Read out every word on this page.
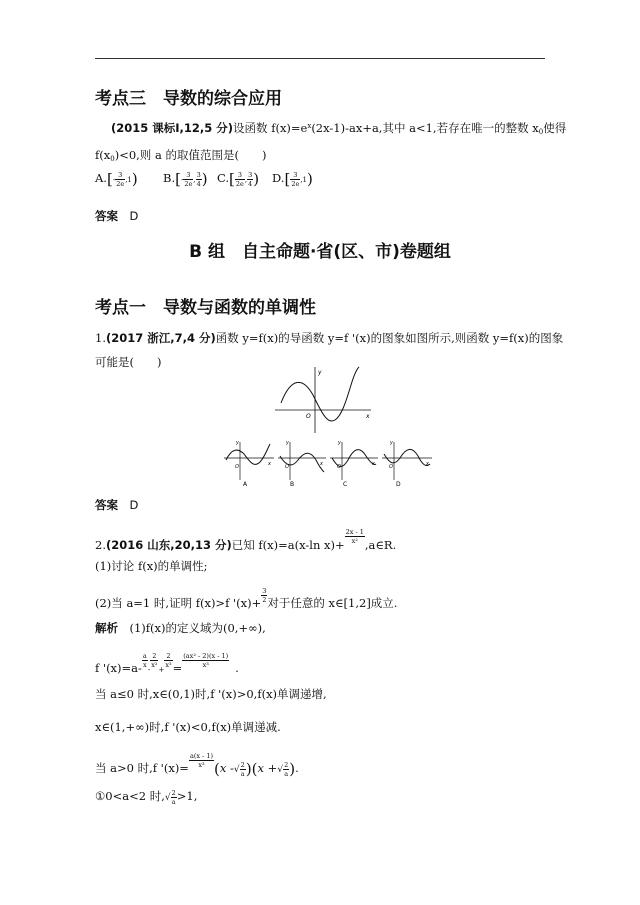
考点三　导数的综合应用
(2015 课标Ⅰ,12,5 分)设函数 $f(x)=e^x(2x-1)-ax+a$,其中 a<1,若存在唯一的整数 $x_0$使得
$f(x_0)<0$,则 a 的取值范围是(　　)
$A.[- \frac{3}{2e} ,1)$ $B.[- \frac{3}{2e}$ , $\frac{3}{4}$ ) $C.[ \frac{3}{2e}$ , $\frac{3}{4}$ ) $D.[ \frac{3}{2e} ,1)$
答案　 D
B 组　自主命题·省(区、市)卷题组
考点一　导数与函数的单调性
1.(2017 浙江,7,4 分)函数 y=f(x)的导函数 y=f '(x)的图象如图所示,则函数 y=f(x)的图象
可能是(　　)
y
x
O
y
O	x
A
y
O	x
B
y
O	x
C
y
O	x
D
答案　 D
2.(2016 山东,20,13 分)已知 f(x)=a(x-ln $x)+ \frac{2x - 1}{\text{x²}}$ ,a∈R.
(1)讨论 f(x)的单调性;
(2)当 a=1 时,证明 f(x)>f '$(x)+ \frac{3}{2}$ 对于任意的 x∈[1,2]成立.
解析　 (1)f(x)的定义域为(0,+∞),
f '$(x)=a- \frac{a}{x}$
-
$\frac{2}{\text{x²}}$
+
$\frac{2}{\text{x³}} = \frac{\text{(ax² - 2)(x - 1)}}{\text{x³}}$ .
当 a≤0 时,x∈(0,1)时,f '(x)>0,f(x)单调递增,
x∈(1,+∞)时,f '(x)<0,f(x)单调递减.
当 a>0 时,f '$(x)= \frac{a(x - 1)}{\text{x³}} (x$ -√ $\frac{2}{a} )(x$ +√ $\frac{2}{a}$ ).
①0<a<2 时,√ $\frac{2}{a} >1$,
